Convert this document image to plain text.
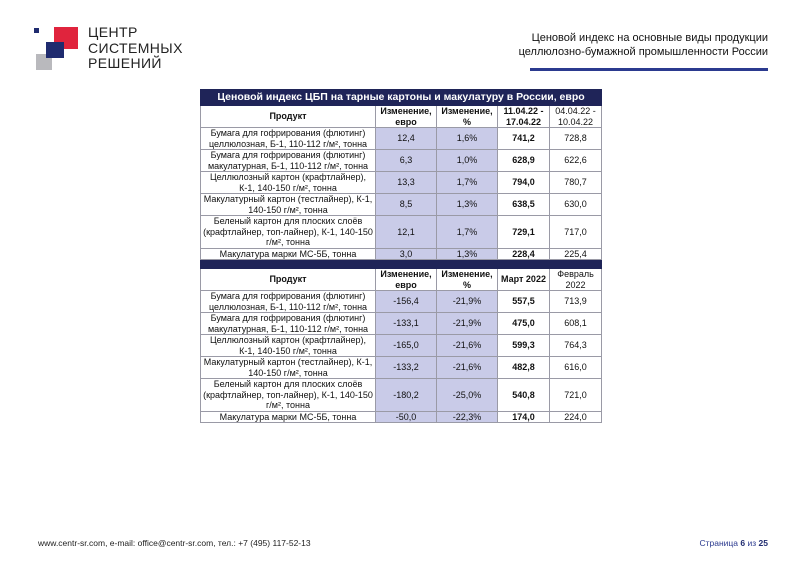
ЦЕНТР
СИСТЕМНЫХ
РЕШЕНИЙ
Ценовой индекс на основные виды продукции
целлюлозно-бумажной промышленности России
Ценовой индекс ЦБП на тарные картоны и макулатуру в России, евро				
Продукт	Изменение, евро	Изменение, %	11.04.22 - 17.04.22	04.04.22 - 10.04.22
Бумага для гофрирования (флютинг) целлюлозная, Б-1, 110-112 г/м², тонна	12,4	1,6%	741,2	728,8
Бумага для гофрирования (флютинг) макулатурная, Б-1, 110-112 г/м², тонна	6,3	1,0%	628,9	622,6
Целлюлозный картон (крафтлайнер), К-1, 140-150 г/м², тонна	13,3	1,7%	794,0	780,7
Макулатурный картон (тестлайнер), К-1, 140-150 г/м², тонна	8,5	1,3%	638,5	630,0
Беленый картон для плоских слоёв (крафтлайнер, топ-лайнер), К-1, 140-150 г/м², тонна	12,1	1,7%	729,1	717,0
Макулатура марки МС-5Б, тонна	3,0	1,3%	228,4	225,4

Продукт	Изменение, евро	Изменение, %	Март 2022	Февраль 2022
Бумага для гофрирования (флютинг) целлюлозная, Б-1, 110-112 г/м², тонна	-156,4	-21,9%	557,5	713,9
Бумага для гофрирования (флютинг) макулатурная, Б-1, 110-112 г/м², тонна	-133,1	-21,9%	475,0	608,1
Целлюлозный картон (крафтлайнер), К-1, 140-150 г/м², тонна	-165,0	-21,6%	599,3	764,3
Макулатурный картон (тестлайнер), К-1, 140-150 г/м², тонна	-133,2	-21,6%	482,8	616,0
Беленый картон для плоских слоёв (крафтлайнер, топ-лайнер), К-1, 140-150 г/м², тонна	-180,2	-25,0%	540,8	721,0
Макулатура марки МС-5Б, тонна	-50,0	-22,3%	174,0	224,0
www.centr-sr.com, e-mail: office@centr-sr.com, тел.: +7 (495) 117-52-13	Страница 6 из 25
